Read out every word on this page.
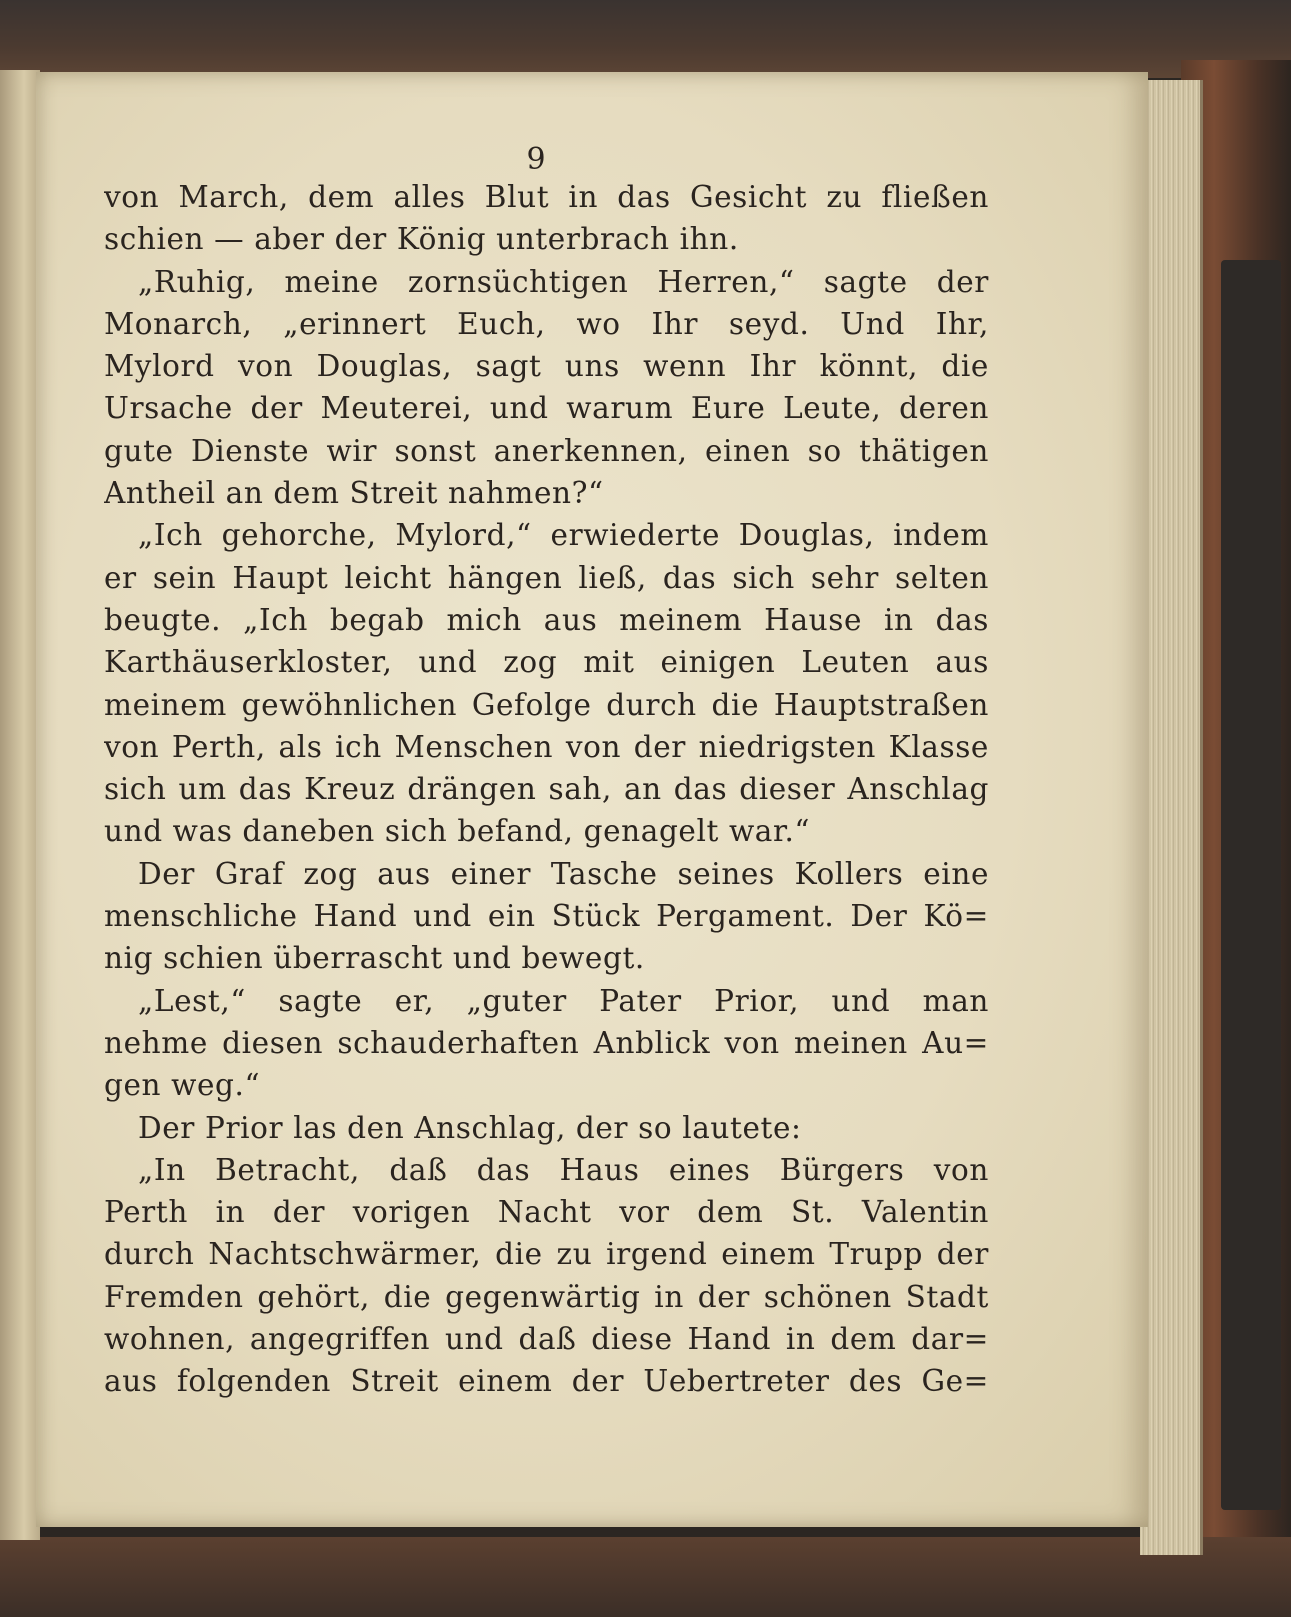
9
von March, dem alles Blut in das Gesicht zu fließen
schien — aber der König unterbrach ihn.
„Ruhig, meine zornsüchtigen Herren,“ sagte der
Monarch, „erinnert Euch, wo Ihr seyd. Und Ihr,
Mylord von Douglas, sagt uns wenn Ihr könnt, die
Ursache der Meuterei, und warum Eure Leute, deren
gute Dienste wir sonst anerkennen, einen so thätigen
Antheil an dem Streit nahmen?“
„Ich gehorche, Mylord,“ erwiederte Douglas, indem
er sein Haupt leicht hängen ließ, das sich sehr selten
beugte. „Ich begab mich aus meinem Hause in das
Karthäuserkloster, und zog mit einigen Leuten aus
meinem gewöhnlichen Gefolge durch die Hauptstraßen
von Perth, als ich Menschen von der niedrigsten Klasse
sich um das Kreuz drängen sah, an das dieser Anschlag
und was daneben sich befand, genagelt war.“
Der Graf zog aus einer Tasche seines Kollers eine
menschliche Hand und ein Stück Pergament. Der Kö=
nig schien überrascht und bewegt.
„Lest,“ sagte er, „guter Pater Prior, und man
nehme diesen schauderhaften Anblick von meinen Au=
gen weg.“
Der Prior las den Anschlag, der so lautete:
„In Betracht, daß das Haus eines Bürgers von
Perth in der vorigen Nacht vor dem St. Valentin
durch Nachtschwärmer, die zu irgend einem Trupp der
Fremden gehört, die gegenwärtig in der schönen Stadt
wohnen, angegriffen und daß diese Hand in dem dar=
aus folgenden Streit einem der Uebertreter des Ge=
